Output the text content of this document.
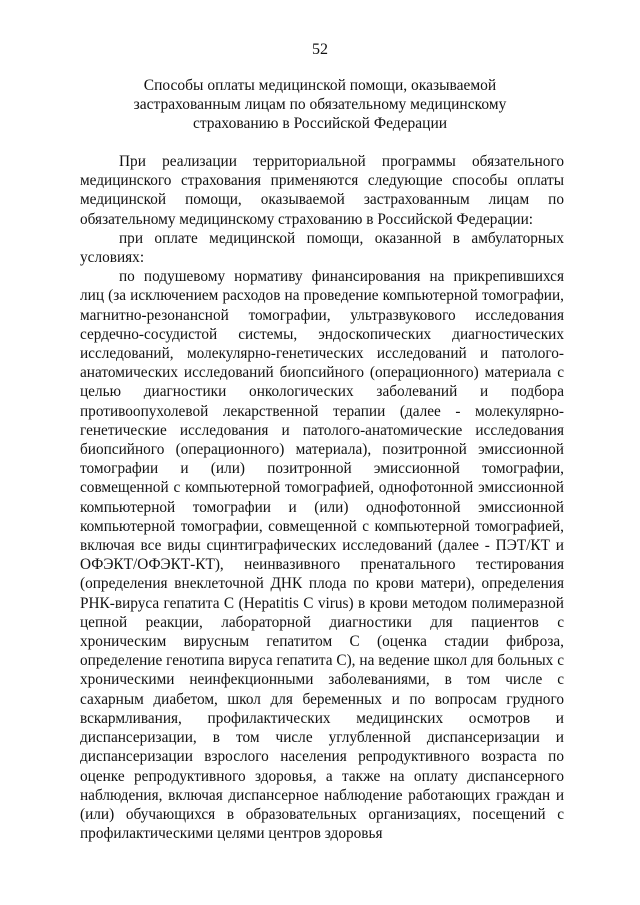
52
Способы оплаты медицинской помощи, оказываемой
застрахованным лицам по обязательному медицинскому
страхованию в Российской Федерации

При реализации территориальной программы обязательного медицинского страхования применяются следующие способы оплаты медицинской помощи, оказываемой застрахованным лицам по обязательному медицинскому страхованию в Российской Федерации:

при оплате медицинской помощи, оказанной в амбулаторных условиях:

по подушевому нормативу финансирования на прикрепившихся лиц (за исключением расходов на проведение компьютерной томографии, магнитно-резонансной томографии, ультразвукового исследования сердечно-сосудистой системы, эндоскопических диагностических исследований, молекулярно-генетических исследований и патолого-анатомических исследований биопсийного (операционного) материала с целью диагностики онкологических заболеваний и подбора противоопухолевой лекарственной терапии (далее - молекулярно-генетические исследования и патолого-анатомические исследования биопсийного (операционного) материала), позитронной эмиссионной томографии и (или) позитронной эмиссионной томографии, совмещенной с компьютерной томографией, однофотонной эмиссионной компьютерной томографии и (или) однофотонной эмиссионной компьютерной томографии, совмещенной с компьютерной томографией, включая все виды сцинтиграфических исследований (далее - ПЭТ/КТ и ОФЭКТ/ОФЭКТ-КТ), неинвазивного пренатального тестирования (определения внеклеточной ДНК плода по крови матери), определения РНК-вируса гепатита С (Hepatitis C virus) в крови методом полимеразной цепной реакции, лабораторной диагностики для пациентов с хроническим вирусным гепатитом С (оценка стадии фиброза, определение генотипа вируса гепатита С), на ведение школ для больных с хроническими неинфекционными заболеваниями, в том числе с сахарным диабетом, школ для беременных и по вопросам грудного вскармливания, профилактических медицинских осмотров и диспансеризации, в том числе углубленной диспансеризации и диспансеризации взрослого населения репродуктивного возраста по оценке репродуктивного здоровья, а также на оплату диспансерного наблюдения, включая диспансерное наблюдение работающих граждан и (или) обучающихся в образовательных организациях, посещений с профилактическими целями центров здоровья
